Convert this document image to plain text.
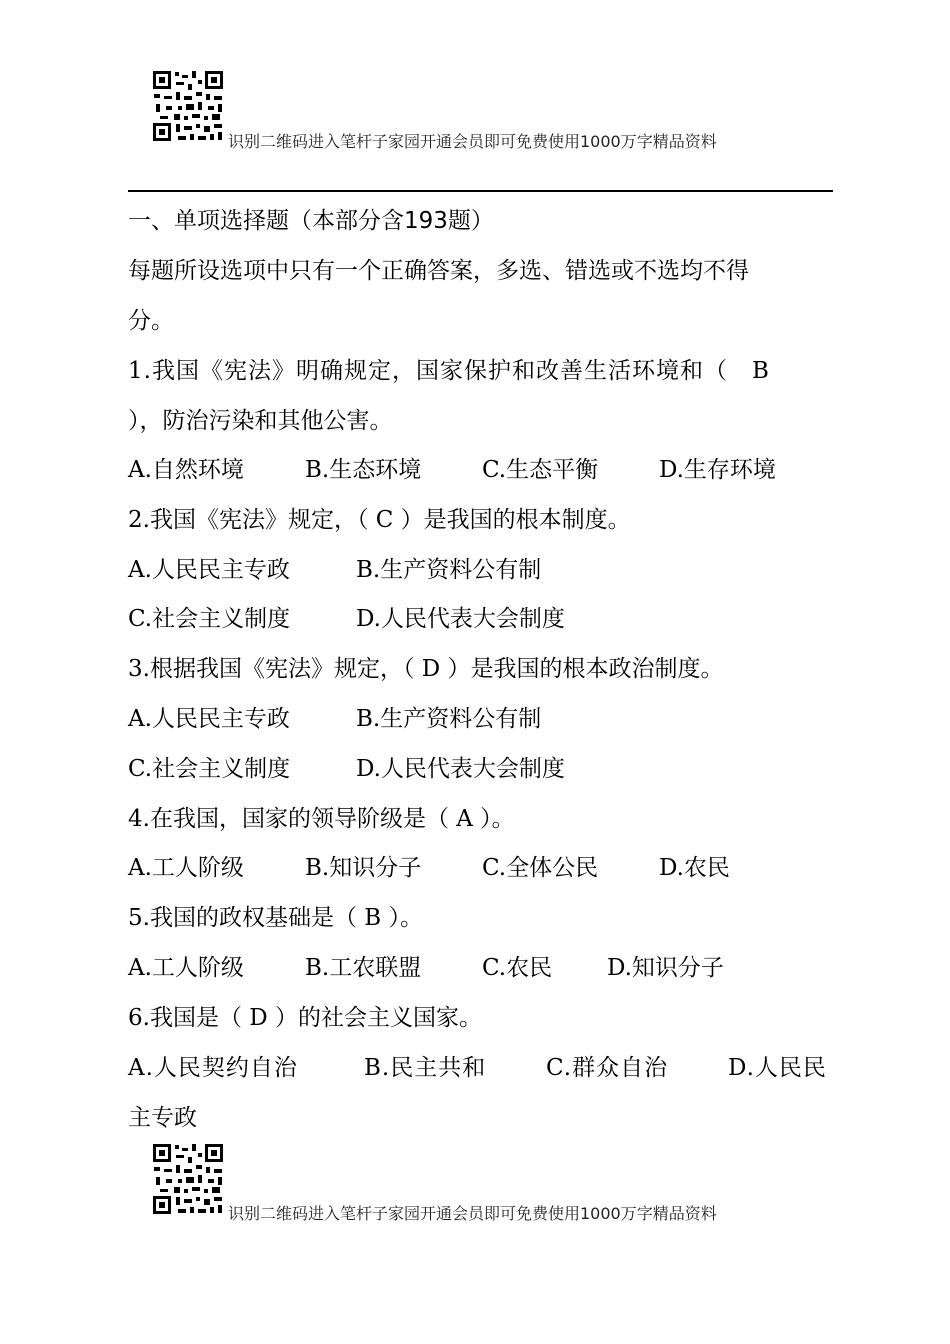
识别二维码进入笔杆子家园开通会员即可免费使用1000万字精品资料
一、单项选择题（本部分含193题）
每题所设选项中只有一个正确答案，多选、错选或不选均不得
分。
1.我国《宪法》明确规定，国家保护和改善生活环境和（　B
），防治污染和其他公害。
A.自然环境	B.生态环境	C.生态平衡	D.生存环境
2.我国《宪法》规定，（ C ）是我国的根本制度。
A.人民民主专政	B.生产资料公有制
C.社会主义制度	D.人民代表大会制度
3.根据我国《宪法》规定，（ D ）是我国的根本政治制度。
A.人民民主专政	B.生产资料公有制
C.社会主义制度	D.人民代表大会制度
4.在我国，国家的领导阶级是（ A ）。
A.工人阶级	B.知识分子	C.全体公民	D.农民
5.我国的政权基础是（ B ）。
A.工人阶级	B.工农联盟	C.农民 D.知识分子
6.我国是（ D ）的社会主义国家。
A.人民契约自治	B.民主共和	C.群众自治	D.人民民
主专政
识别二维码进入笔杆子家园开通会员即可免费使用1000万字精品资料
